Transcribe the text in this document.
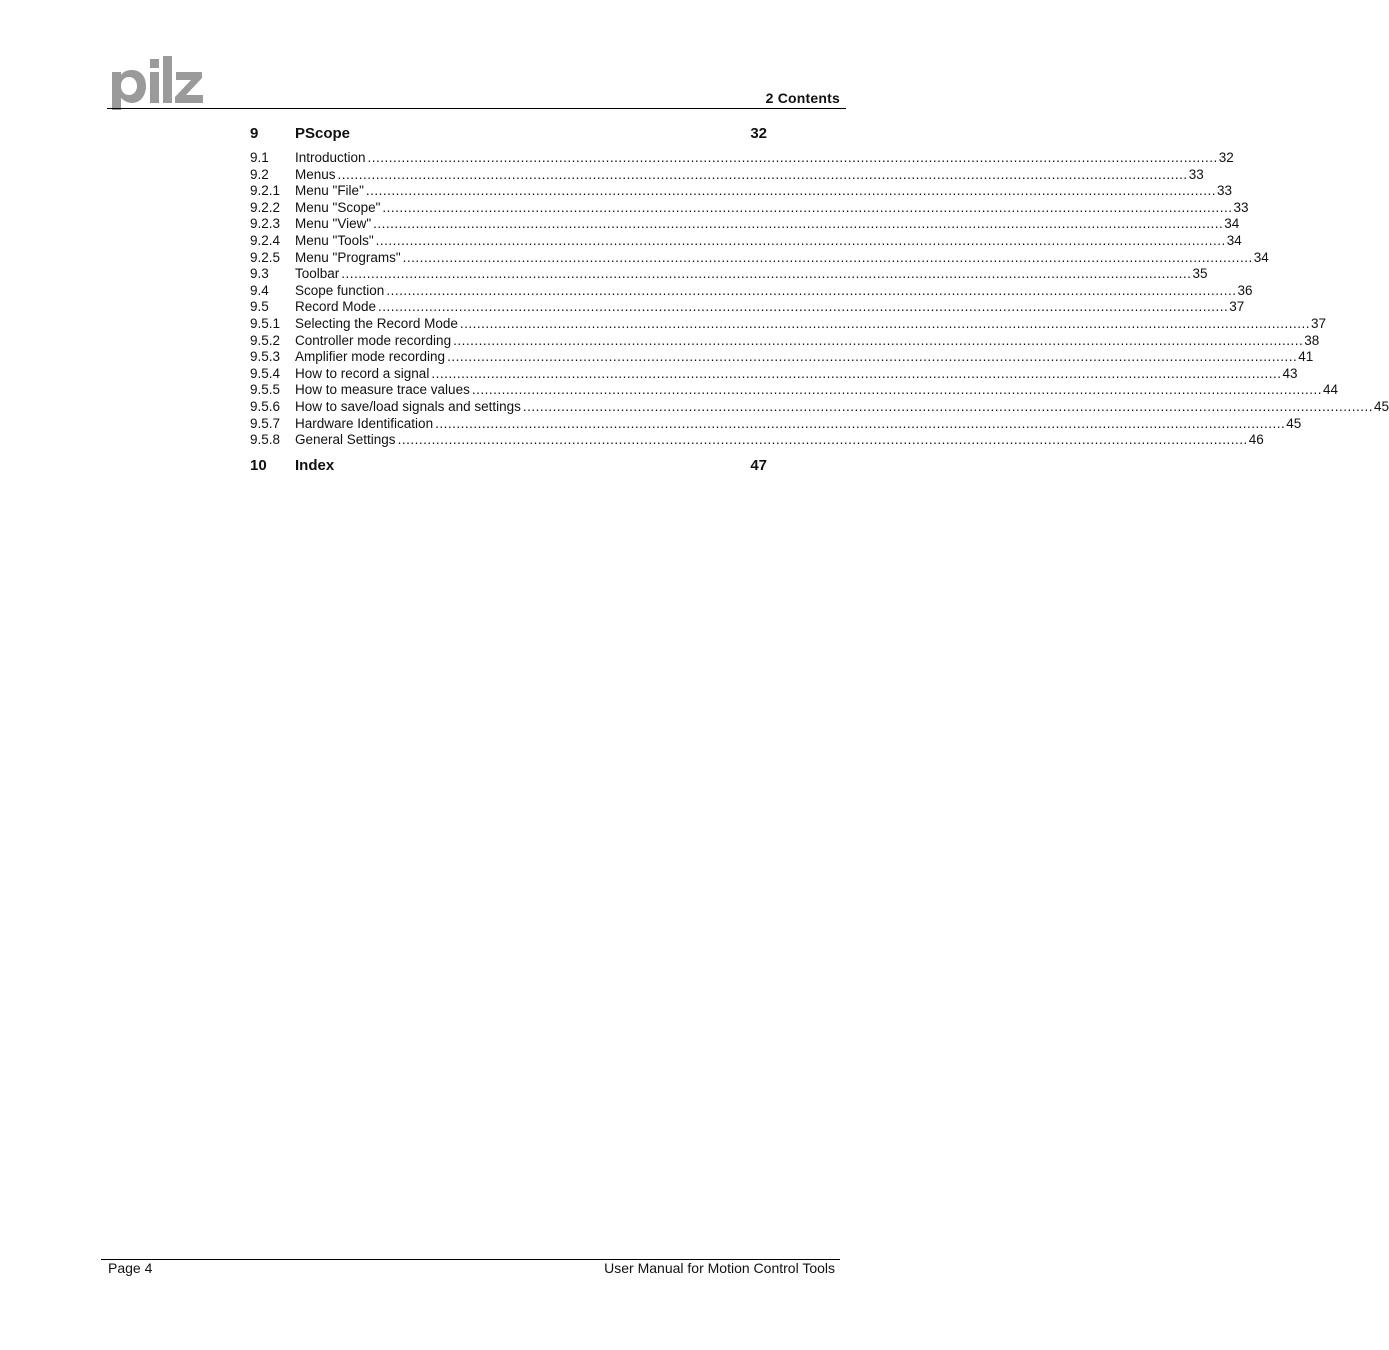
2 Contents
9 PScope	32
9.1 Introduction ........................................................................................................................................................................................................ 32
9.2 Menus ........................................................................................................................................................................................................ 33
9.2.1 Menu "File" ........................................................................................................................................................................................................ 33
9.2.2 Menu "Scope" ........................................................................................................................................................................................................ 33
9.2.3 Menu "View" ........................................................................................................................................................................................................ 34
9.2.4 Menu "Tools" ........................................................................................................................................................................................................ 34
9.2.5 Menu "Programs" ........................................................................................................................................................................................................ 34
9.3 Toolbar ........................................................................................................................................................................................................ 35
9.4 Scope function ........................................................................................................................................................................................................ 36
9.5 Record Mode ........................................................................................................................................................................................................ 37
9.5.1 Selecting the Record Mode ........................................................................................................................................................................................................ 37
9.5.2 Controller mode recording ........................................................................................................................................................................................................ 38
9.5.3 Amplifier mode recording ........................................................................................................................................................................................................ 41
9.5.4 How to record a signal ........................................................................................................................................................................................................ 43
9.5.5 How to measure trace values ........................................................................................................................................................................................................ 44
9.5.6 How to save/load signals and settings ........................................................................................................................................................................................................ 45
9.5.7 Hardware Identification ........................................................................................................................................................................................................ 45
9.5.8 General Settings ........................................................................................................................................................................................................ 46
10 Index	47
Page 4	User Manual for Motion Control Tools
